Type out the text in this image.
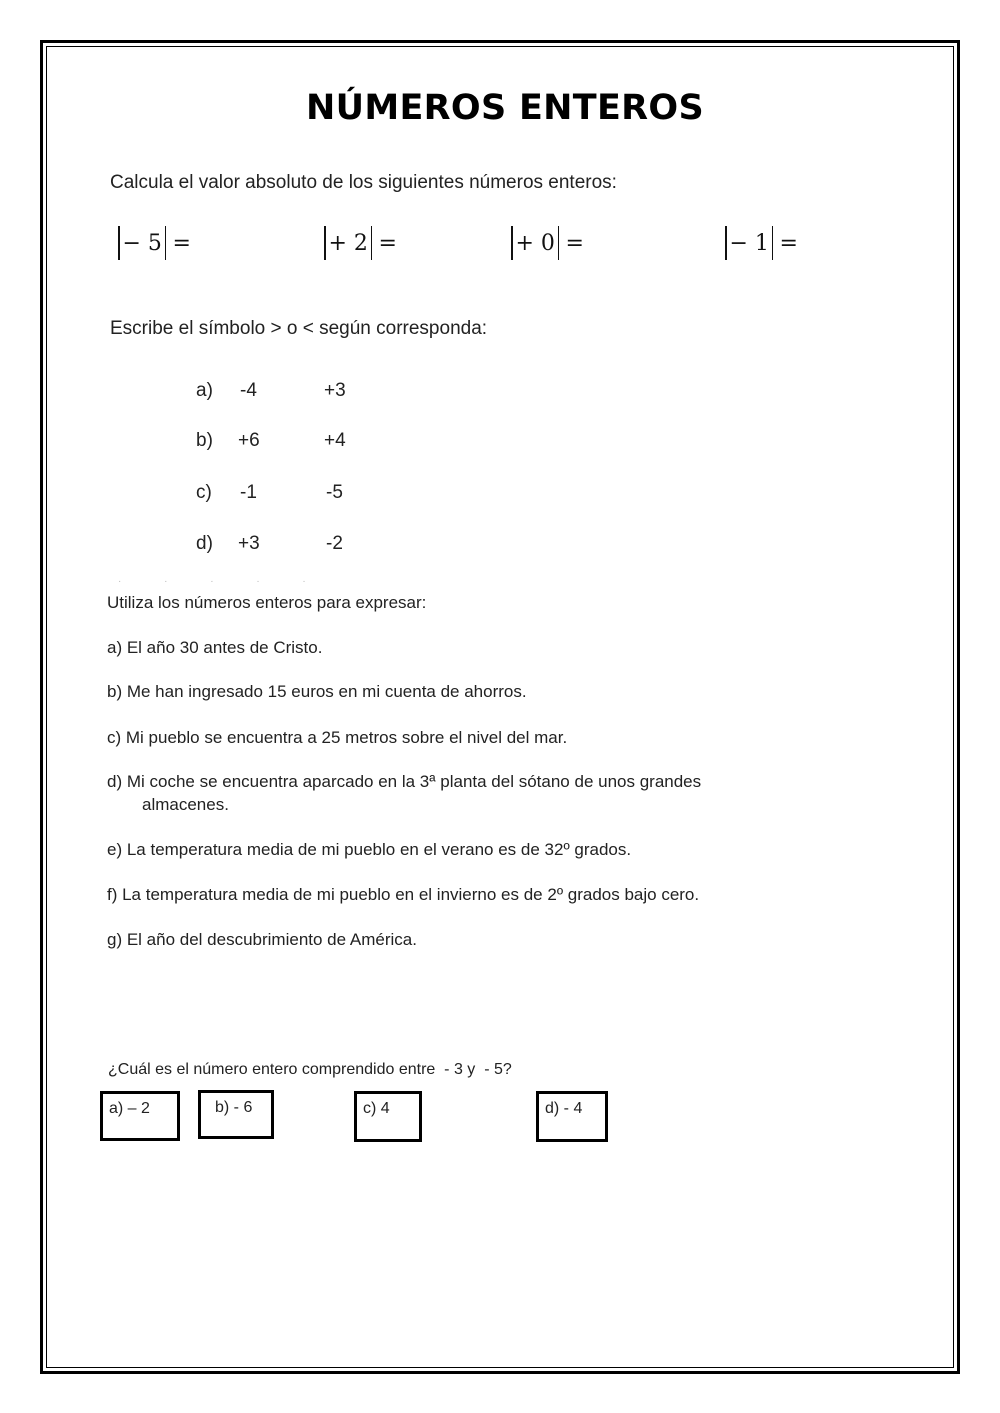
NÚMEROS ENTEROS
Calcula el valor absoluto de los siguientes números enteros:
− 5 =	+ 2 =	+ 0 =	− 1 =
Escribe el símbolo > o < según corresponda:
a) -4	+3
b) +6	+4
c) -1	-5
d) +3	-2
· · · · ·
Utiliza los números enteros para expresar:
a) El año 30 antes de Cristo.
b) Me han ingresado 15 euros en mi cuenta de ahorros.
c) Mi pueblo se encuentra a 25 metros sobre el nivel del mar.
d) Mi coche se encuentra aparcado en la 3ª planta del sótano de unos grandes
almacenes.
e) La temperatura media de mi pueblo en el verano es de 32º grados.
f) La temperatura media de mi pueblo en el invierno es de 2º grados bajo cero.
g) El año del descubrimiento de América.
¿Cuál es el número entero comprendido entre  - 3 y  - 5?
a) – 2	b) - 6	c) 4	d) - 4
